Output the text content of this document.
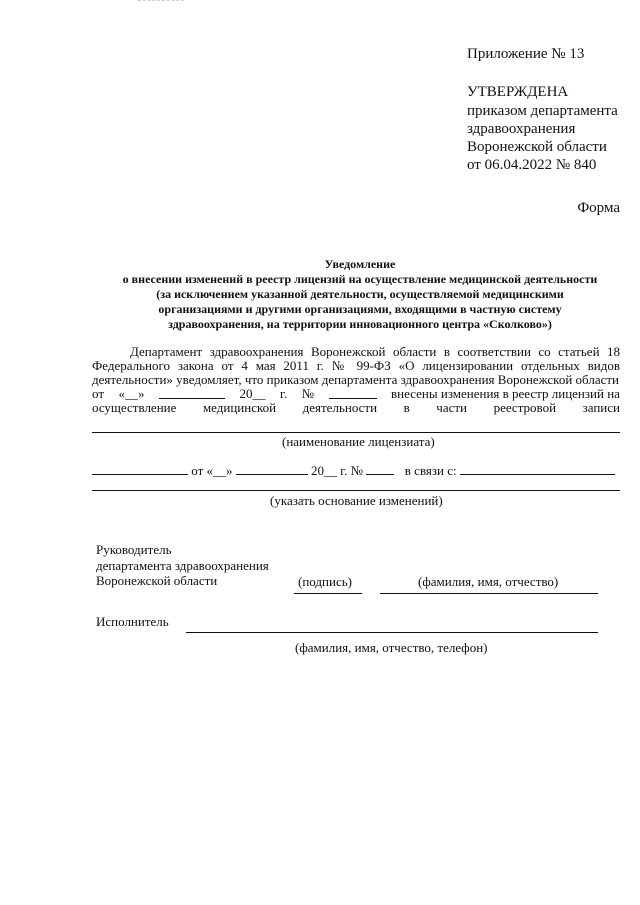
Приложение № 13
УТВЕРЖДЕНА
приказом департамента
здравоохранения
Воронежской области
от 06.04.2022 № 840
Форма
Уведомление
о внесении изменений в реестр лицензий на осуществление медицинской деятельности
(за исключением указанной деятельности, осуществляемой медицинскими
организациями и другими организациями, входящими в частную систему
здравоохранения, на территории инновационного центра «Сколково»)
Департамент здравоохранения Воронежской области в соответствии со статьей 18 Федерального закона от 4 мая 2011 г. № 99-ФЗ «О лицензировании отдельных видов деятельности» уведомляет, что приказом департамента здравоохранения Воронежской области
от «__»	20__ г. №	внесены изменения в реестр лицензий на
осуществление медицинской деятельности в части реестровой записи
(наименование лицензиата)
от «__»	20__ г. №	в связи с:
(указать основание изменений)
Руководитель
департамента здравоохранения
Воронежской области	(подпись)	(фамилия, имя, отчество)
Исполнитель
(фамилия, имя, отчество, телефон)
